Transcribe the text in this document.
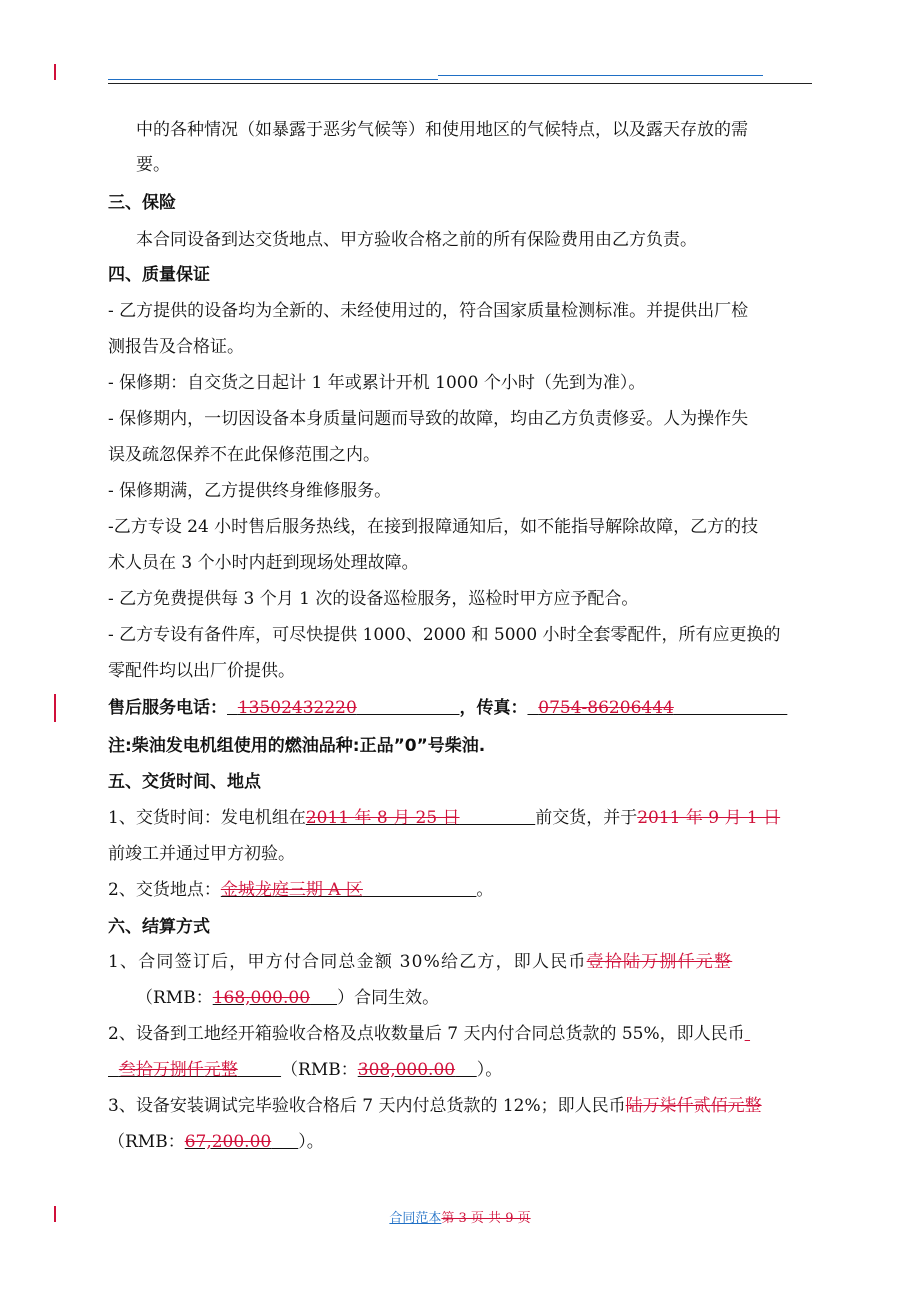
中的各种情况（如暴露于恶劣气候等）和使用地区的气候特点，以及露天存放的需
要。
三、保险
本合同设备到达交货地点、甲方验收合格之前的所有保险费用由乙方负责。
四、质量保证
- 乙方提供的设备均为全新的、未经使用过的，符合国家质量检测标准。并提供出厂检
测报告及合格证。
- 保修期：自交货之日起计 1 年或累计开机 1000 个小时（先到为准）。
- 保修期内，一切因设备本身质量问题而导致的故障，均由乙方负责修妥。人为操作失
误及疏忽保养不在此保修范围之内。
- 保修期满，乙方提供终身维修服务。
-乙方专设 24 小时售后服务热线，在接到报障通知后，如不能指导解除故障，乙方的技
术人员在 3 个小时内赶到现场处理故障。
- 乙方免费提供每 3 个月 1 次的设备巡检服务，巡检时甲方应予配合。
- 乙方专设有备件库，可尽快提供 1000、2000 和 5000 小时全套零配件，所有应更换的
零配件均以出厂价提供。
售后服务电话： 13502432220	，传真： 0754-86206444
注:柴油发电机组使用的燃油品种:正品”0”号柴油.
五、交货时间、地点
1、交货时间：发电机组在2011 年 8 月 25 日	前交货，并于2011 年 9 月 1 日
前竣工并通过甲方初验。
2、交货地点：金城龙庭三期 A 区	。
六、结算方式
1、合同签订后，甲方付合同总金额 30%给乙方，即人民币壹拾陆万捌仟元整
（RMB：168,000.00 ）合同生效。
2、设备到工地经开箱验收合格及点收数量后 7 天内付合同总货款的 55%，即人民币
叁拾万捌仟元整	（RMB：308,000.00 ）。
3、设备安装调试完毕验收合格后 7 天内付总货款的 12%；即人民币陆万柒仟贰佰元整
（RMB：67,200.00 ）。
合同范本第 3 页 共 9 页
